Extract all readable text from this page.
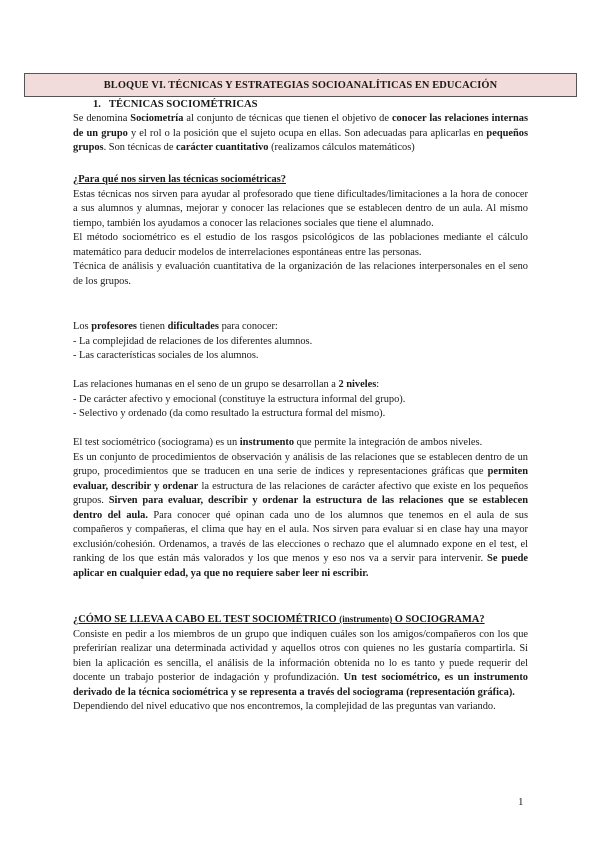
BLOQUE VI. TÉCNICAS Y ESTRATEGIAS SOCIOANALÍTICAS EN EDUCACIÓN
1. TÉCNICAS SOCIOMÉTRICAS
Se denomina Sociometría al conjunto de técnicas que tienen el objetivo de conocer las relaciones internas de un grupo y el rol o la posición que el sujeto ocupa en ellas. Son adecuadas para aplicarlas en pequeños grupos. Son técnicas de carácter cuantitativo (realizamos cálculos matemáticos)

¿Para qué nos sirven las técnicas sociométricas?

Estas técnicas nos sirven para ayudar al profesorado que tiene dificultades/limitaciones a la hora de conocer a sus alumnos y alumnas, mejorar y conocer las relaciones que se establecen dentro de un aula. Al mismo tiempo, también los ayudamos a conocer las relaciones sociales que tiene el alumnado.

El método sociométrico es el estudio de los rasgos psicológicos de las poblaciones mediante el cálculo matemático para deducir modelos de interrelaciones espontáneas entre las personas.

Técnica de análisis y evaluación cuantitativa de la organización de las relaciones interpersonales en el seno de los grupos.

Los profesores tienen dificultades para conocer:

- La complejidad de relaciones de los diferentes alumnos.

- Las características sociales de los alumnos.

Las relaciones humanas en el seno de un grupo se desarrollan a 2 niveles:

- De carácter afectivo y emocional (constituye la estructura informal del grupo).

- Selectivo y ordenado (da como resultado la estructura formal del mismo).

El test sociométrico (sociograma) es un instrumento que permite la integración de ambos niveles.

Es un conjunto de procedimientos de observación y análisis de las relaciones que se establecen dentro de un grupo, procedimientos que se traducen en una serie de índices y representaciones gráficas que permiten evaluar, describir y ordenar la estructura de las relaciones de carácter afectivo que existe en los pequeños grupos. Sirven para evaluar, describir y ordenar la estructura de las relaciones que se establecen dentro del aula. Para conocer qué opinan cada uno de los alumnos que tenemos en el aula de sus compañeros y compañeras, el clima que hay en el aula. Nos sirven para evaluar si en clase hay una mayor exclusión/cohesión. Ordenamos, a través de las elecciones o rechazo que el alumnado expone en el test, el ranking de los que están más valorados y los que menos y eso nos va a servir para intervenir. Se puede aplicar en cualquier edad, ya que no requiere saber leer ni escribir.

¿CÓMO SE LLEVA A CABO EL TEST SOCIOMÉTRICO (instrumento) O SOCIOGRAMA?

Consiste en pedir a los miembros de un grupo que indiquen cuáles son los amigos/compañeros con los que preferirían realizar una determinada actividad y aquellos otros con quienes no les gustaría compartirla. Si bien la aplicación es sencilla, el análisis de la información obtenida no lo es tanto y puede requerir del docente un trabajo posterior de indagación y profundización. Un test sociométrico, es un instrumento derivado de la técnica sociométrica y se representa a través del sociograma (representación gráfica).

Dependiendo del nivel educativo que nos encontremos, la complejidad de las preguntas van variando.

1
